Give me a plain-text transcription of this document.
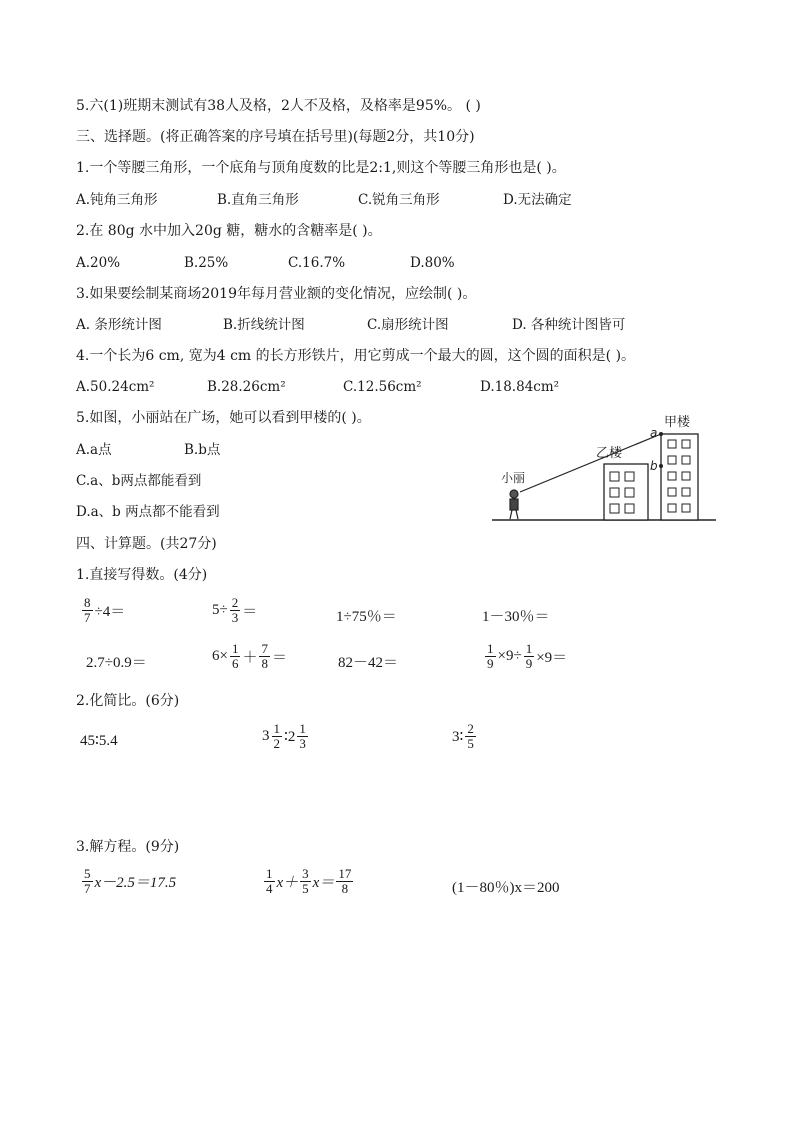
5.六(1)班期末测试有38人及格，2人不及格，及格率是95%。 ( )
三、选择题。(将正确答案的序号填在括号里)(每题2分，共10分)
1.一个等腰三角形，一个底角与顶角度数的比是2:1,则这个等腰三角形也是( )。
A.钝角三角形	B.直角三角形	C.锐角三角形	D.无法确定
2.在 80g 水中加入20g 糖，糖水的含糖率是( )。
A.20%	B.25%	C.16.7%	D.80%
3.如果要绘制某商场2019年每月营业额的变化情况，应绘制( )。
A. 条形统计图	B.折线统计图	C.扇形统计图	D. 各种统计图皆可
4.一个长为6 cm, 宽为4 cm 的长方形铁片，用它剪成一个最大的圆，这个圆的面积是( )。
A.50.24cm²	B.28.26cm²	C.12.56cm²	D.18.84cm²
5.如图，小丽站在广场，她可以看到甲楼的( )。
A.a点	B.b点
C.a、b两点都能看到
D.a、b 两点都不能看到
甲楼
乙楼
小丽
a
b
四、计算题。(共27分)
1.直接写得数。(4分)
$\frac{8}{7} \div 4=$	$5\div \frac{2}{3}$ ＝	1÷75％＝	1－30％＝
2.7÷0.9＝	$6\times \frac{1}{6} + \frac{7}{8}$ ＝	82－42＝	$\frac{1}{9} \times 9\div \frac{1}{9} \times 9=$
2.化简比。(6分)
45∶5.4	$3 \frac{1}{2}$ ∶2 $\frac{1}{3}$	3∶ $\frac{2}{5}$
3.解方程。(9分)
$\frac{5}{7} x-2.5=17.5$	$\frac{1}{4} x+ \frac{3}{5} x= \frac{17}{8}$	(1－80％)x＝200
